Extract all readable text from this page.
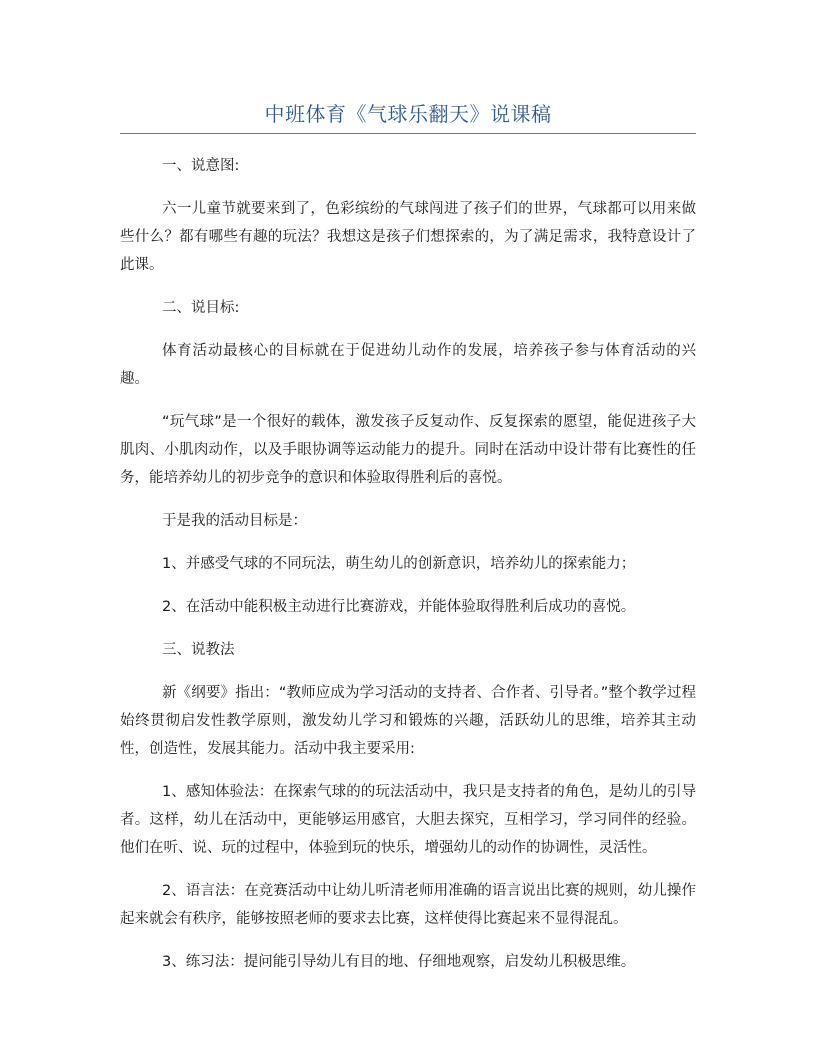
中班体育《气球乐翻天》说课稿

一、说意图:

六一儿童节就要来到了，色彩缤纷的气球闯进了孩子们的世界，气球都可以用来做些什么？都有哪些有趣的玩法？我想这是孩子们想探索的，为了满足需求，我特意设计了此课。

二、说目标:

体育活动最核心的目标就在于促进幼儿动作的发展，培养孩子参与体育活动的兴趣。

“玩气球”是一个很好的载体，激发孩子反复动作、反复探索的愿望，能促进孩子大肌肉、小肌肉动作，以及手眼协调等运动能力的提升。同时在活动中设计带有比赛性的任务，能培养幼儿的初步竞争的意识和体验取得胜利后的喜悦。

于是我的活动目标是：

1、并感受气球的不同玩法，萌生幼儿的创新意识，培养幼儿的探索能力；

2、在活动中能积极主动进行比赛游戏，并能体验取得胜利后成功的喜悦。

三、说教法

新《纲要》指出：“教师应成为学习活动的支持者、合作者、引导者。”整个教学过程始终贯彻启发性教学原则，激发幼儿学习和锻炼的兴趣，活跃幼儿的思维，培养其主动性，创造性，发展其能力。活动中我主要采用:

1、感知体验法：在探索气球的的玩法活动中，我只是支持者的角色，是幼儿的引导者。这样，幼儿在活动中，更能够运用感官，大胆去探究，互相学习，学习同伴的经验。他们在听、说、玩的过程中，体验到玩的快乐，增强幼儿的动作的协调性，灵活性。

2、语言法：在竞赛活动中让幼儿听清老师用准确的语言说出比赛的规则，幼儿操作起来就会有秩序，能够按照老师的要求去比赛，这样使得比赛起来不显得混乱。

3、练习法：提问能引导幼儿有目的地、仔细地观察，启发幼儿积极思维。
